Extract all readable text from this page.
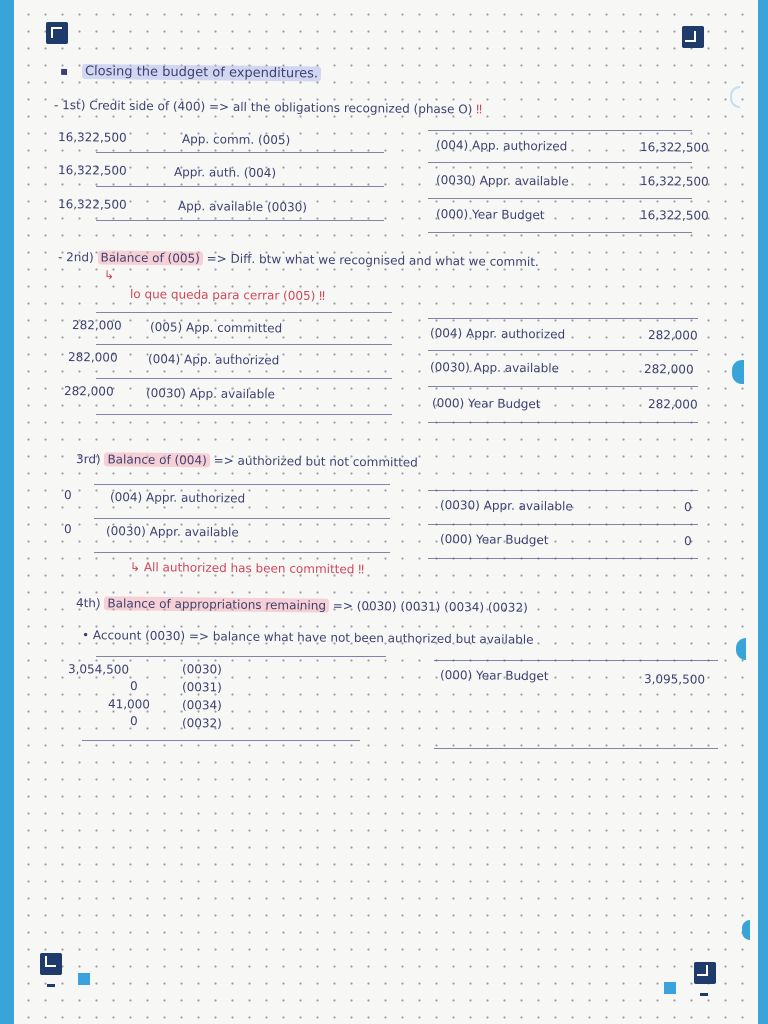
▪ Closing the budget of expenditures.
- 1st) Credit side of (400) => all the obligations recognized (phase O) ‼
16,322,500	App. comm. (005)
16,322,500	Appr. auth. (004)
16,322,500	App. available (0030)
(004) App. authorized	16,322,500
(0030) Appr. available	16,322,500
(000) Year Budget	16,322,500
- 2nd) Balance of (005) => Diff. btw what we recognised and what we commit.
↳
lo que queda para cerrar (005) ‼
282,000 (005) App. committed
282,000	(004) App. authorized
282,000	(0030) App. available
(004) Appr. authorized	282,000
(0030) App. available	282,000
(000) Year Budget	282,000
3rd) Balance of (004) => authorized but not committed
0	(004) Appr. authorized
0	(0030) Appr. available
(0030) Appr. available	0
(000) Year Budget	0
↳ All authorized has been committed ‼
4th) Balance of appropriations remaining => (0030) (0031) (0034) (0032)
• Account (0030) => balance what have not been authorized but available
3,054,500	(0030)
0	(0031)
41,000	(0034)
0	(0032)
(000) Year Budget	3,095,500
